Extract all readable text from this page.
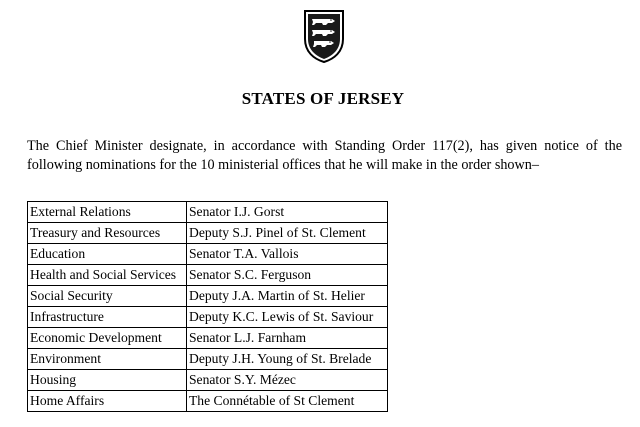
STATES OF JERSEY
The Chief Minister designate, in accordance with Standing Order 117(2), has given notice of the following nominations for the 10 ministerial offices that he will make in the order shown–
External Relations	Senator I.J. Gorst
Treasury and Resources	Deputy S.J. Pinel of St. Clement
Education	Senator T.A. Vallois
Health and Social Services	Senator S.C. Ferguson
Social Security	Deputy J.A. Martin of St. Helier
Infrastructure	Deputy K.C. Lewis of St. Saviour
Economic Development	Senator L.J. Farnham
Environment	Deputy J.H. Young of St. Brelade
Housing	Senator S.Y. Mézec
Home Affairs	The Connétable of St Clement
